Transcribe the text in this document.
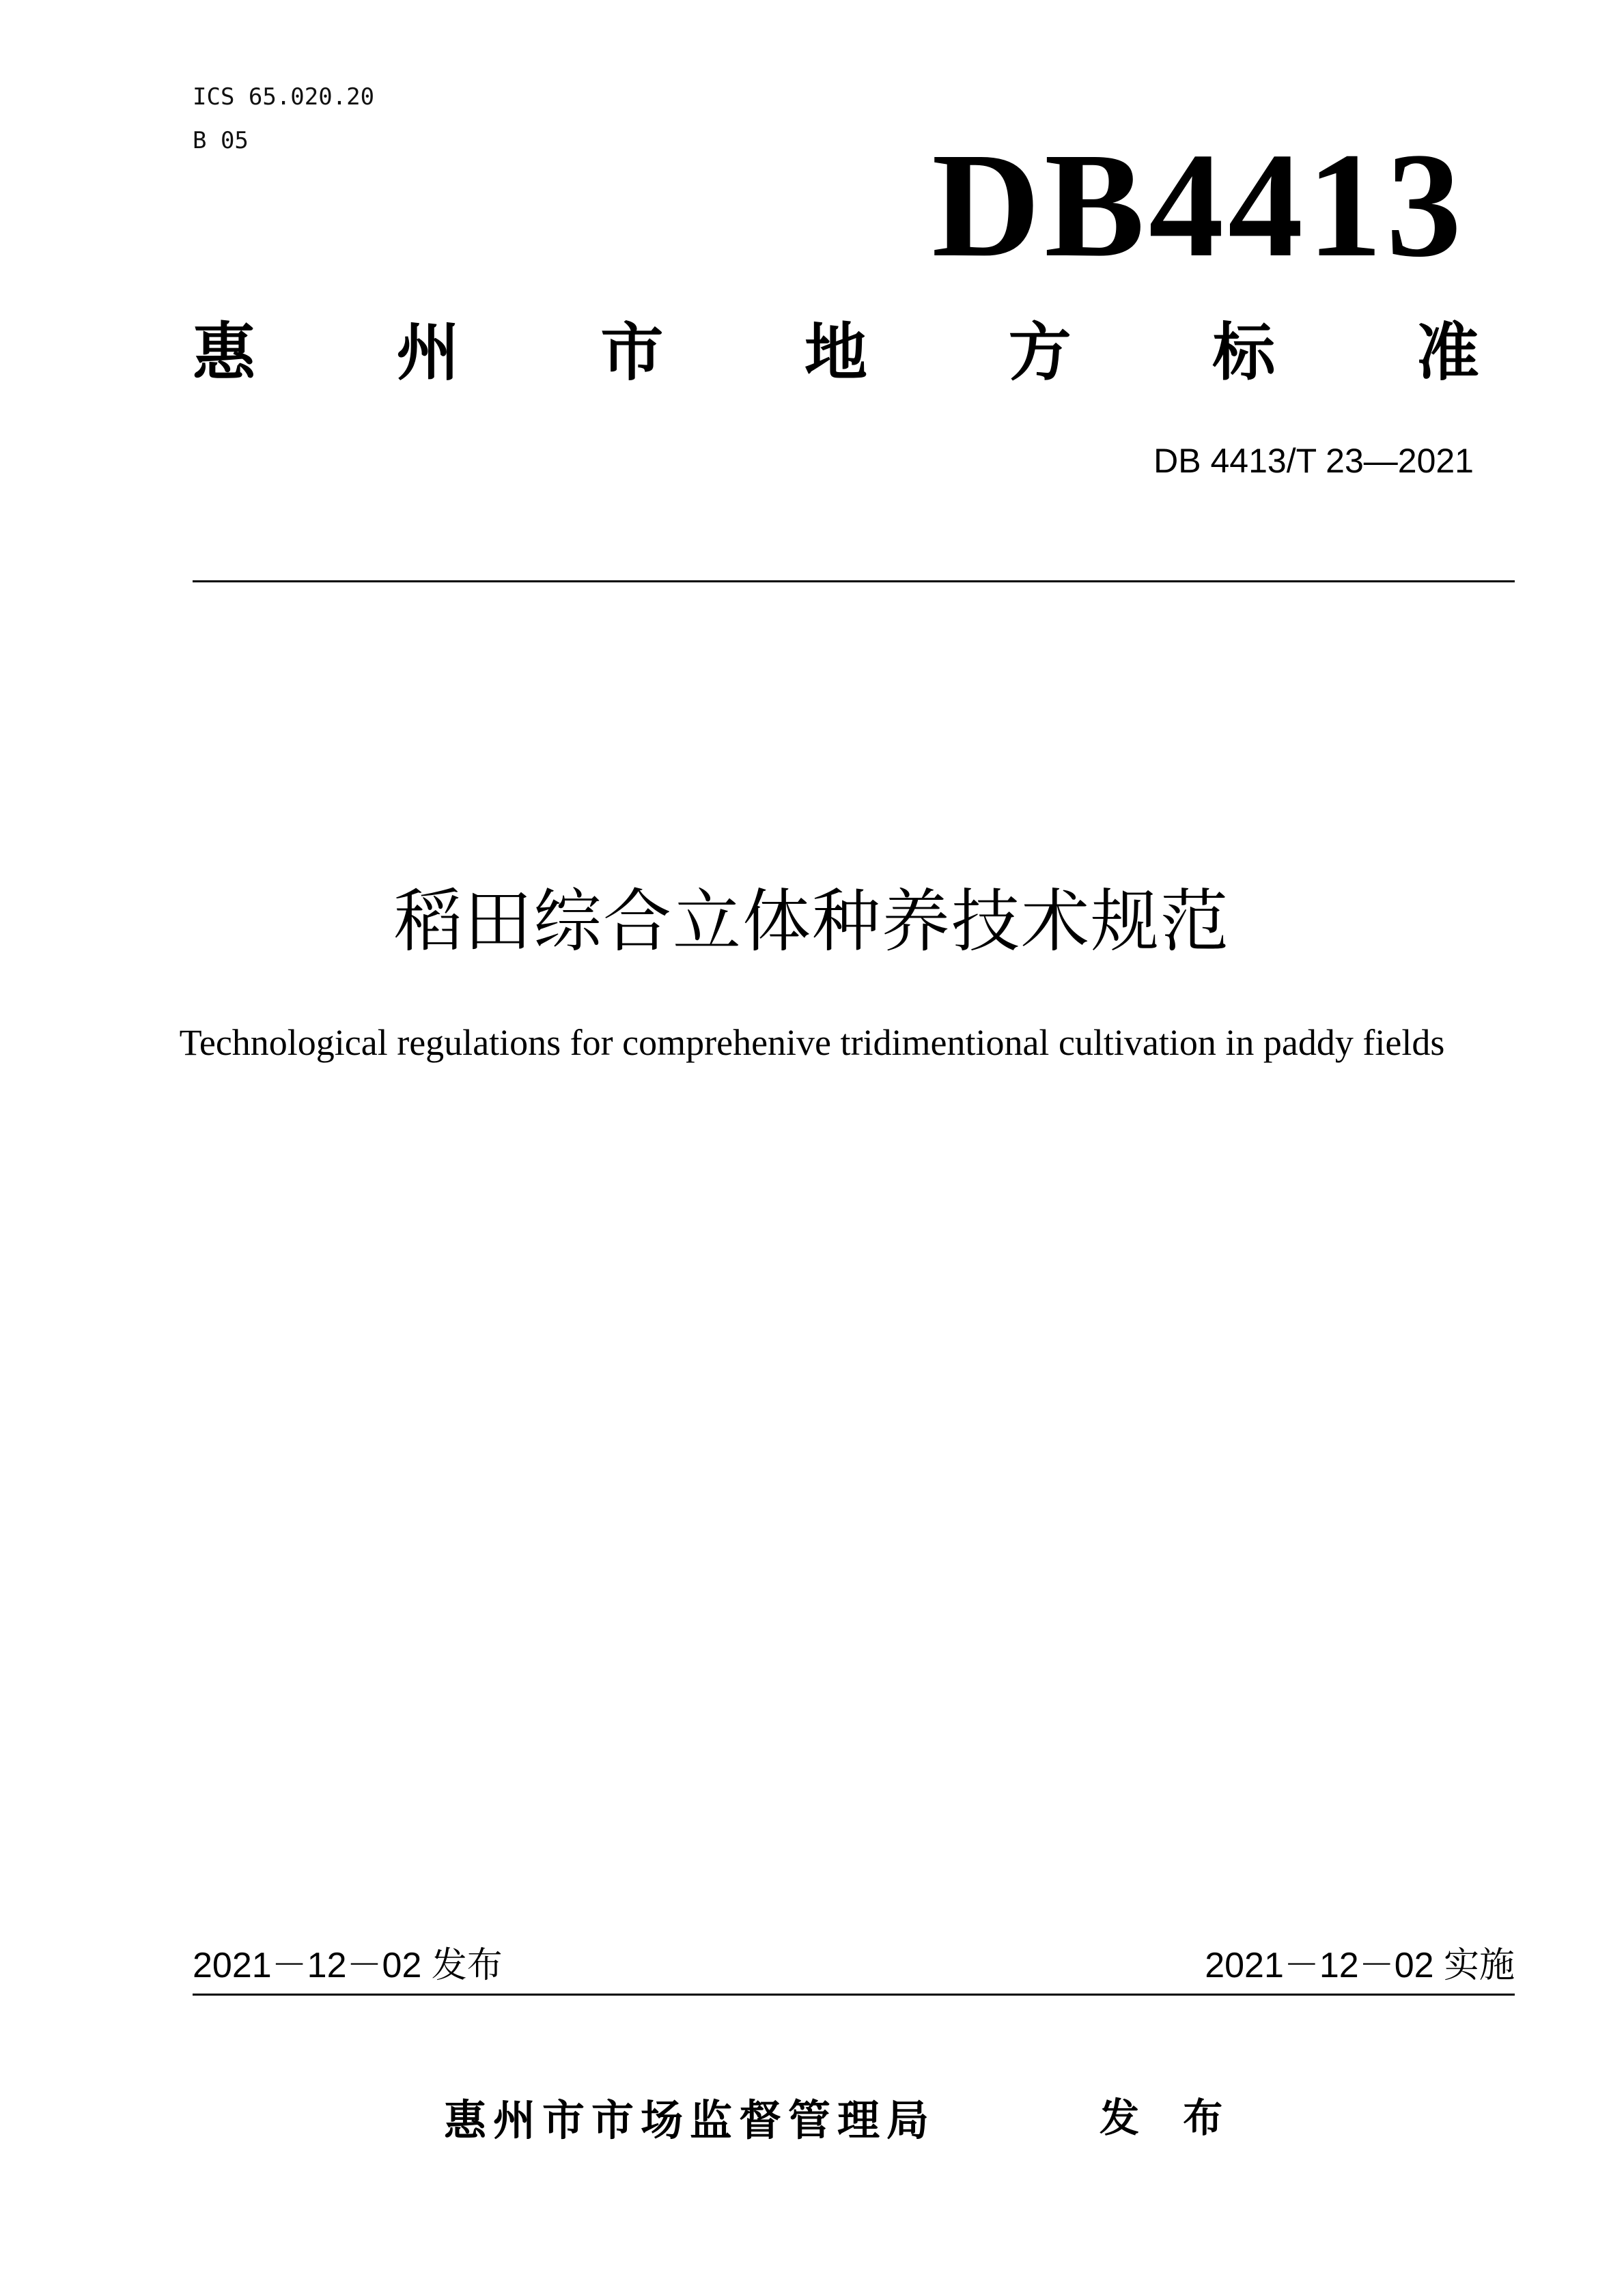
ICS 65.020.20
B 05	DB4413
惠 州 市 地 方 标 准
DB 4413/T 23—2021
稻田综合立体种养技术规范
Technological regulations for comprehenive tridimentional cultivation in paddy fields
2021－12－02 发布	2021－12－02 实施
惠州市市场监督管理局	发 布
